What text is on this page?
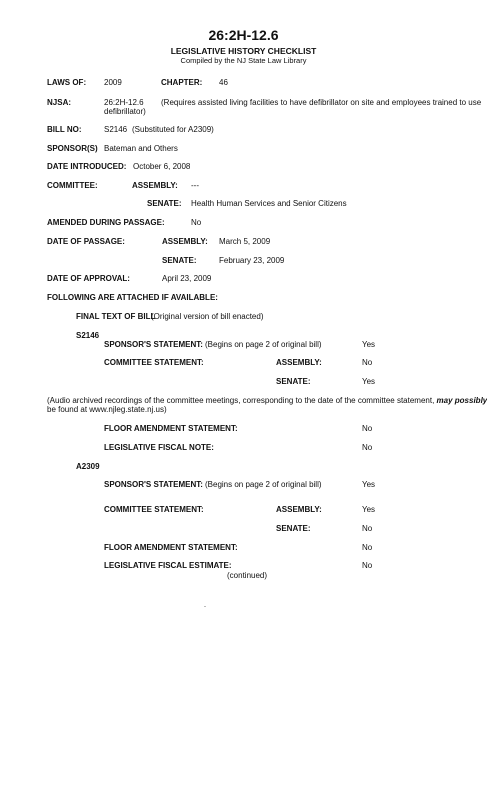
26:2H-12.6
LEGISLATIVE HISTORY CHECKLIST
Compiled by the NJ State Law Library
LAWS OF: 2009	CHAPTER: 46
NJSA:	26:2H-12.6 (Requires assisted living facilities to have defibrillator on site and employees trained to use
defibrillator)
BILL NO:	S2146 (Substituted for A2309)
SPONSOR(S) Bateman and Others
DATE INTRODUCED: October 6, 2008
COMMITTEE:	ASSEMBLY: ---
SENATE: Health Human Services and Senior Citizens
AMENDED DURING PASSAGE:	No
DATE OF PASSAGE:	ASSEMBLY: March 5, 2009
SENATE:	February 23, 2009
DATE OF APPROVAL:	April 23, 2009
FOLLOWING ARE ATTACHED IF AVAILABLE:
FINAL TEXT OF BILL
(Original version of bill enacted)
S2146
SPONSOR'S STATEMENT: (Begins on page 2 of original bill)	Yes
COMMITTEE STATEMENT:	ASSEMBLY:	No
SENATE:	Yes
(Audio archived recordings of the committee meetings, corresponding to the date of the committee statement, may possibly
be found at www.njleg.state.nj.us)
FLOOR AMENDMENT STATEMENT:	No
LEGISLATIVE FISCAL NOTE:	No
A2309
SPONSOR'S STATEMENT: (Begins on page 2 of original bill)	Yes
COMMITTEE STATEMENT:	ASSEMBLY:	Yes
SENATE:	No
FLOOR AMENDMENT STATEMENT:	No
LEGISLATIVE FISCAL ESTIMATE:	No
(continued)
